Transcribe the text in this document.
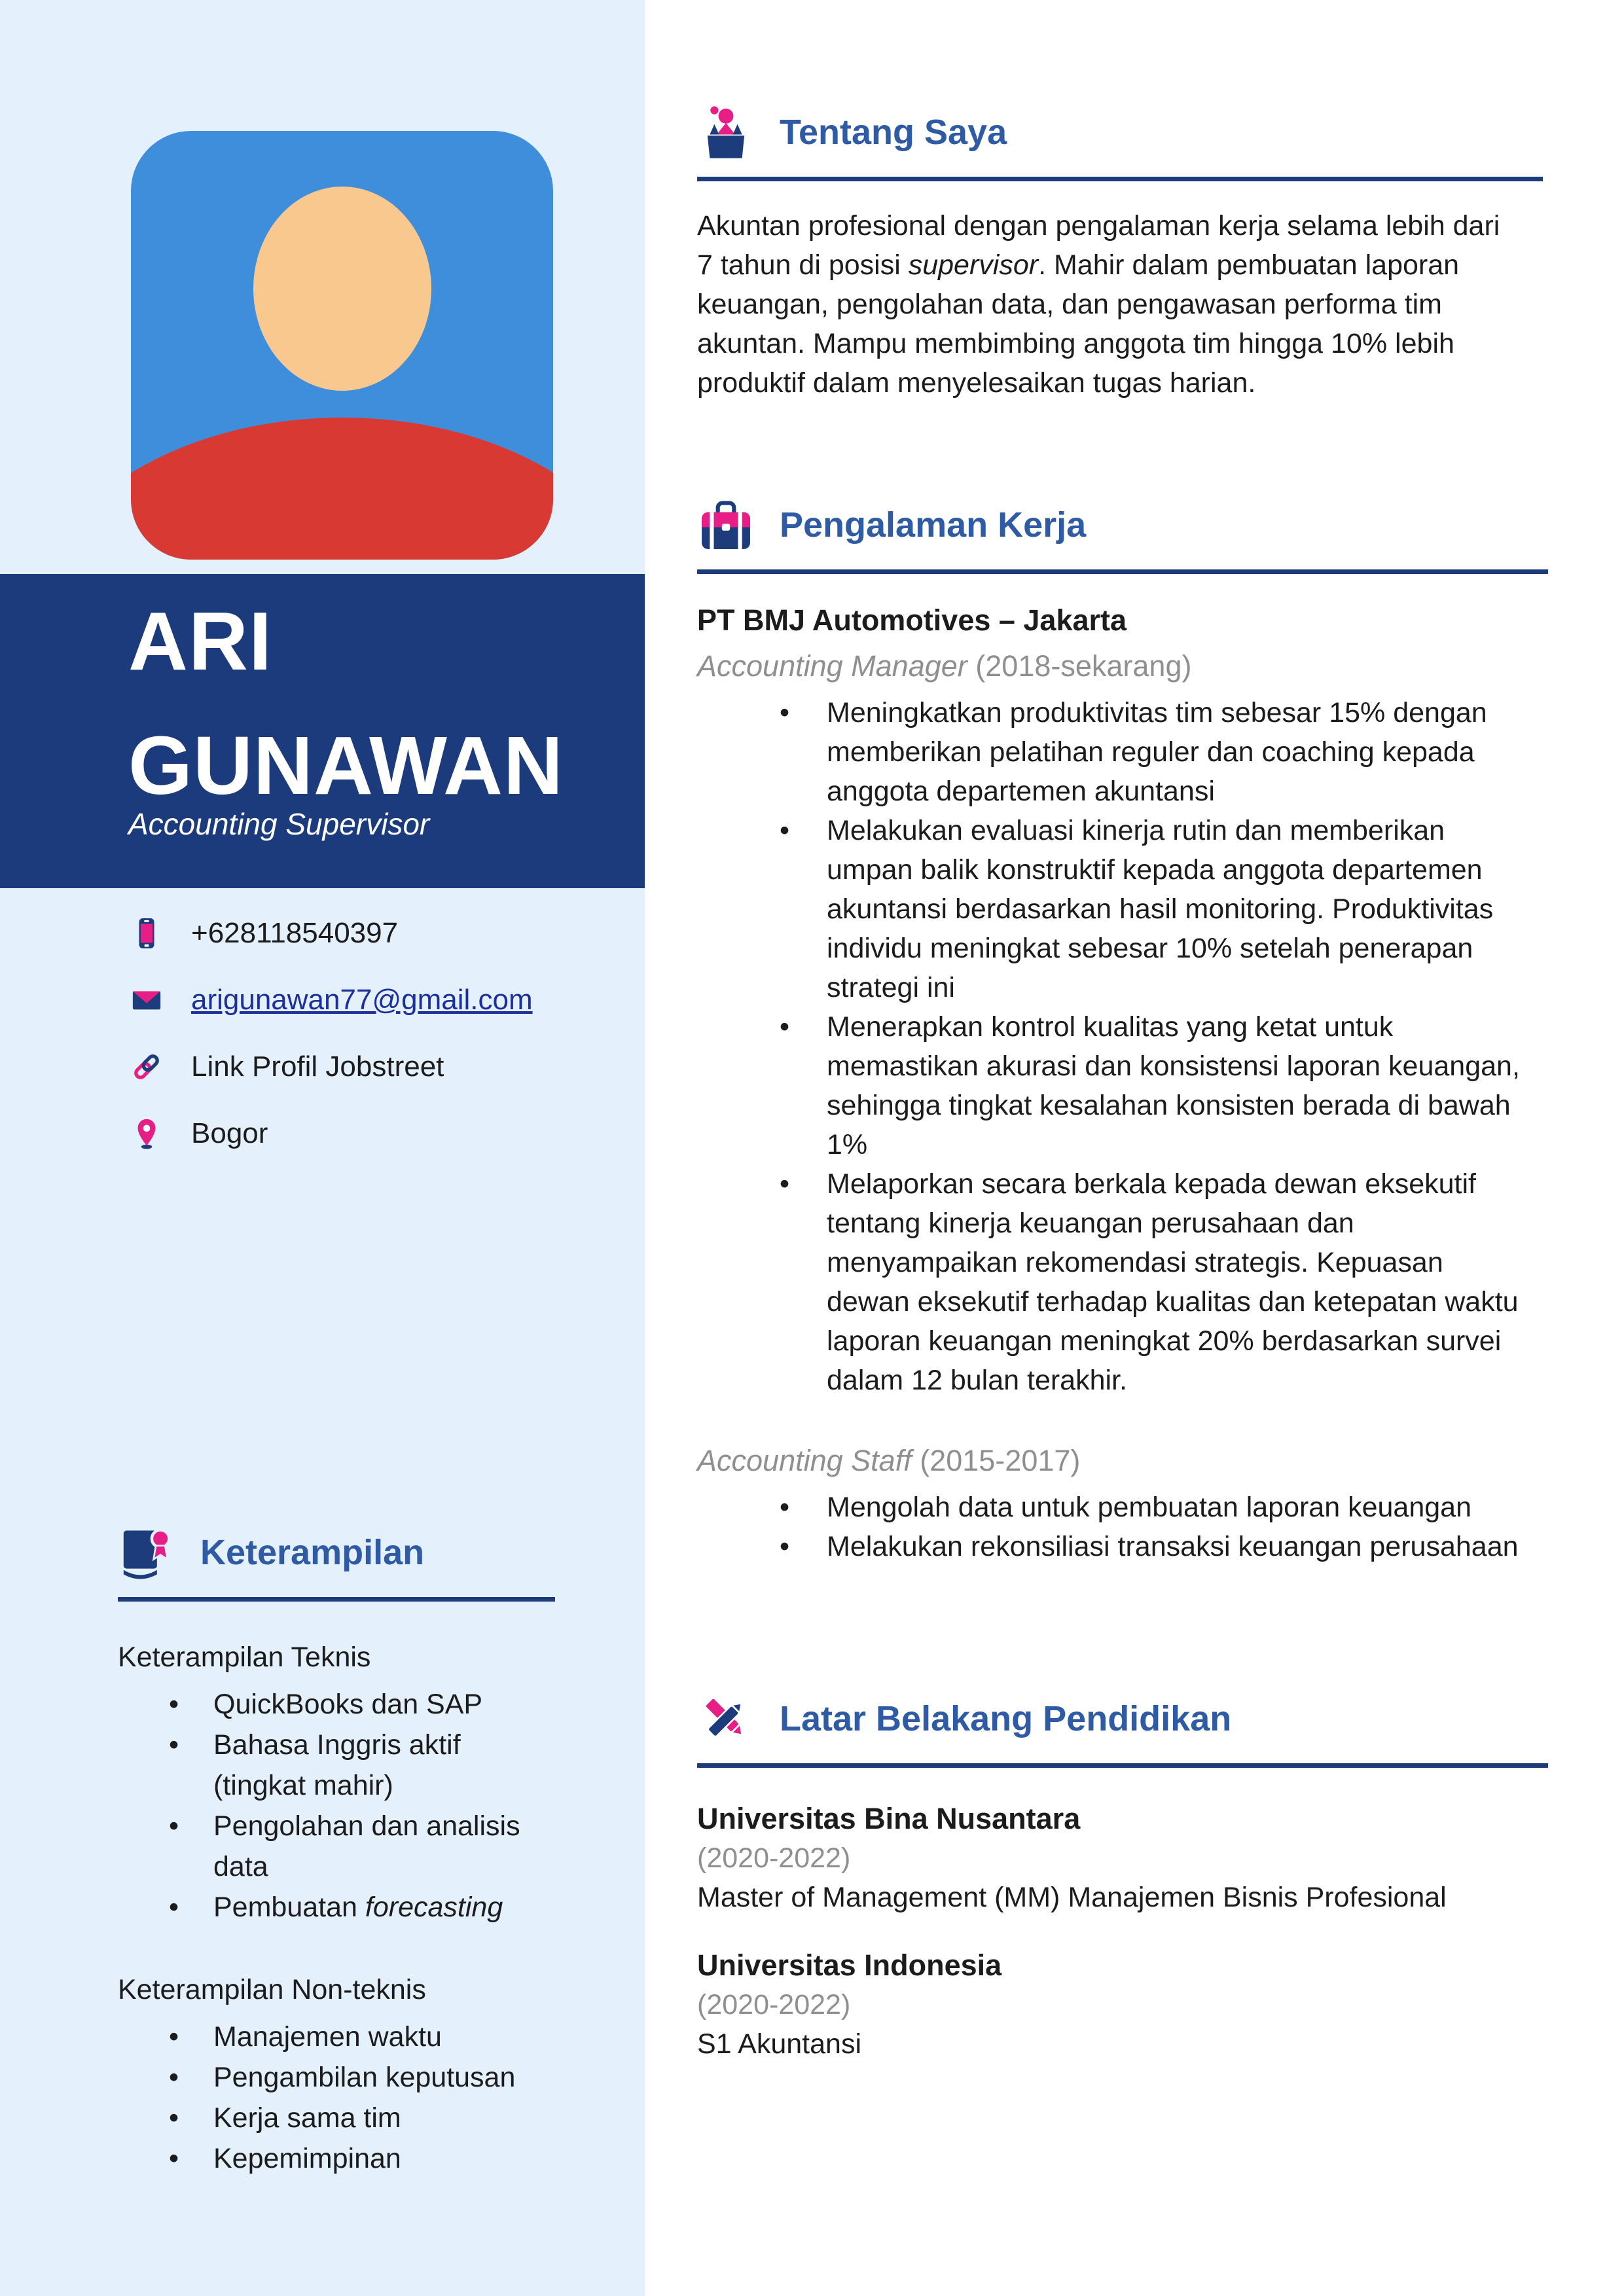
ARI
GUNAWAN
Accounting Supervisor
+628118540397
arigunawan77@gmail.com
Link Profil Jobstreet
Bogor
Keterampilan
Keterampilan Teknis
• QuickBooks dan SAP
• Bahasa Inggris aktif (tingkat mahir)
• Pengolahan dan analisis data
• Pembuatan forecasting
Keterampilan Non-teknis
• Manajemen waktu
• Pengambilan keputusan
• Kerja sama tim
• Kepemimpinan
Tentang Saya

Akuntan profesional dengan pengalaman kerja selama lebih dari 7 tahun di posisi supervisor. Mahir dalam pembuatan laporan keuangan, pengolahan data, dan pengawasan performa tim akuntan. Mampu membimbing anggota tim hingga 10% lebih produktif dalam menyelesaikan tugas harian.

Pengalaman Kerja
PT BMJ Automotives – Jakarta
Accounting Manager (2018-sekarang)
• Meningkatkan produktivitas tim sebesar 15% dengan memberikan pelatihan reguler dan coaching kepada anggota departemen akuntansi
• Melakukan evaluasi kinerja rutin dan memberikan umpan balik konstruktif kepada anggota departemen akuntansi berdasarkan hasil monitoring. Produktivitas individu meningkat sebesar 10% setelah penerapan strategi ini
• Menerapkan kontrol kualitas yang ketat untuk memastikan akurasi dan konsistensi laporan keuangan, sehingga tingkat kesalahan konsisten berada di bawah 1%
• Melaporkan secara berkala kepada dewan eksekutif tentang kinerja keuangan perusahaan dan menyampaikan rekomendasi strategis. Kepuasan dewan eksekutif terhadap kualitas dan ketepatan waktu laporan keuangan meningkat 20% berdasarkan survei dalam 12 bulan terakhir.
Accounting Staff (2015-2017)
• Mengolah data untuk pembuatan laporan keuangan
• Melakukan rekonsiliasi transaksi keuangan perusahaan
Latar Belakang Pendidikan
Universitas Bina Nusantara
(2020-2022)
Master of Management (MM) Manajemen Bisnis Profesional
Universitas Indonesia
(2020-2022)
S1 Akuntansi
